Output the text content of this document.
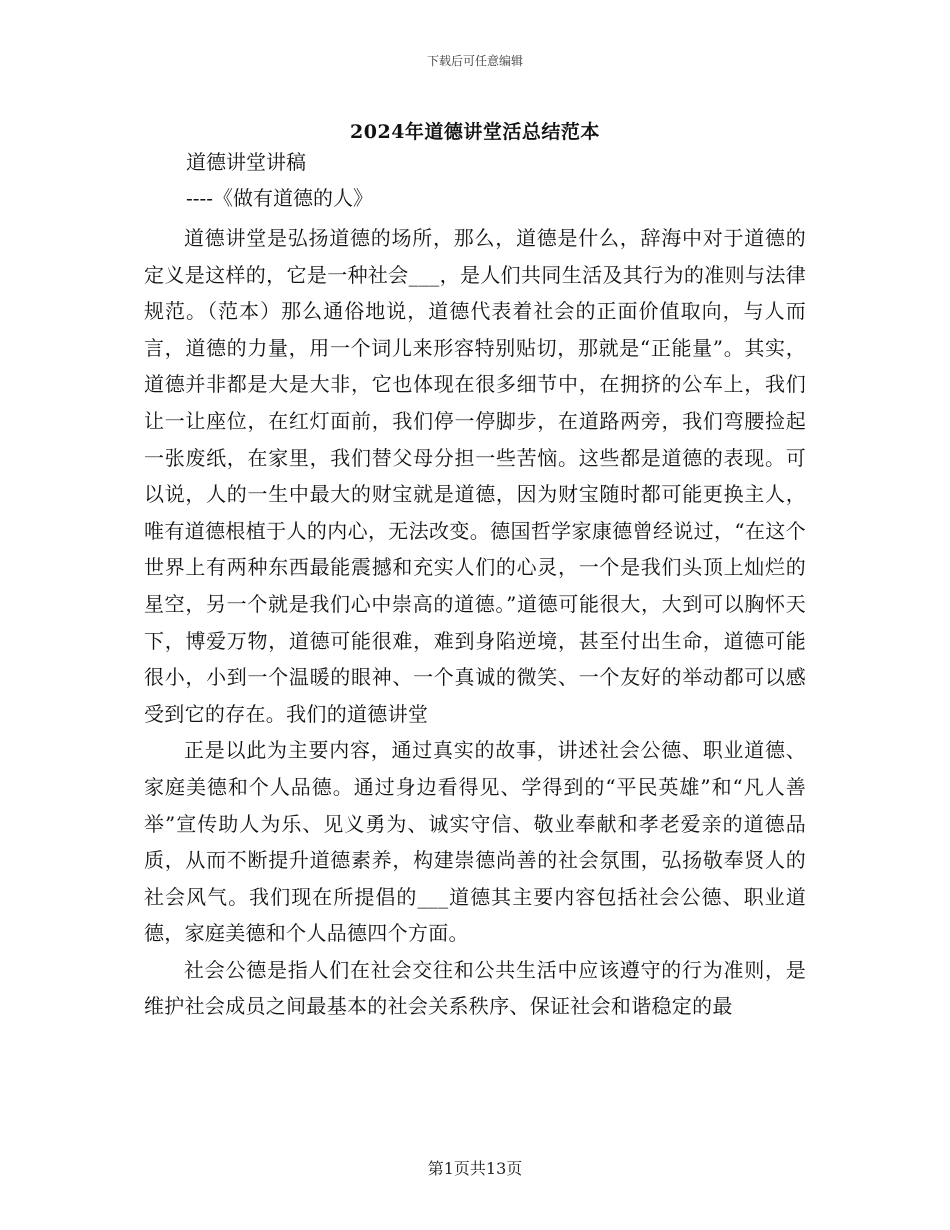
下载后可任意编辑
2024年道德讲堂活总结范本
道德讲堂讲稿
----《做有道德的人》

道德讲堂是弘扬道德的场所，那么，道德是什么，辞海中对于道德的定义是这样的，它是一种社会___，是人们共同生活及其行为的准则与法律规范。（范本）那么通俗地说，道德代表着社会的正面价值取向，与人而言，道德的力量，用一个词儿来形容特别贴切，那就是“正能量”。其实，道德并非都是大是大非，它也体现在很多细节中，在拥挤的公车上，我们让一让座位，在红灯面前，我们停一停脚步，在道路两旁，我们弯腰捡起一张废纸，在家里，我们替父母分担一些苦恼。这些都是道德的表现。可以说，人的一生中最大的财宝就是道德，因为财宝随时都可能更换主人，唯有道德根植于人的内心，无法改变。德国哲学家康德曾经说过，“在这个世界上有两种东西最能震撼和充实人们的心灵，一个是我们头顶上灿烂的星空，另一个就是我们心中崇高的道德。”道德可能很大，大到可以胸怀天下，博爱万物，道德可能很难，难到身陷逆境，甚至付出生命，道德可能很小，小到一个温暖的眼神、一个真诚的微笑、一个友好的举动都可以感受到它的存在。我们的道德讲堂

正是以此为主要内容，通过真实的故事，讲述社会公德、职业道德、家庭美德和个人品德。通过身边看得见、学得到的“平民英雄”和“凡人善举”宣传助人为乐、见义勇为、诚实守信、敬业奉献和孝老爱亲的道德品质，从而不断提升道德素养，构建崇德尚善的社会氛围，弘扬敬奉贤人的社会风气。我们现在所提倡的___道德其主要内容包括社会公德、职业道德，家庭美德和个人品德四个方面。

社会公德是指人们在社会交往和公共生活中应该遵守的行为准则，是维护社会成员之间最基本的社会关系秩序、保证社会和谐稳定的最

第1页共13页
